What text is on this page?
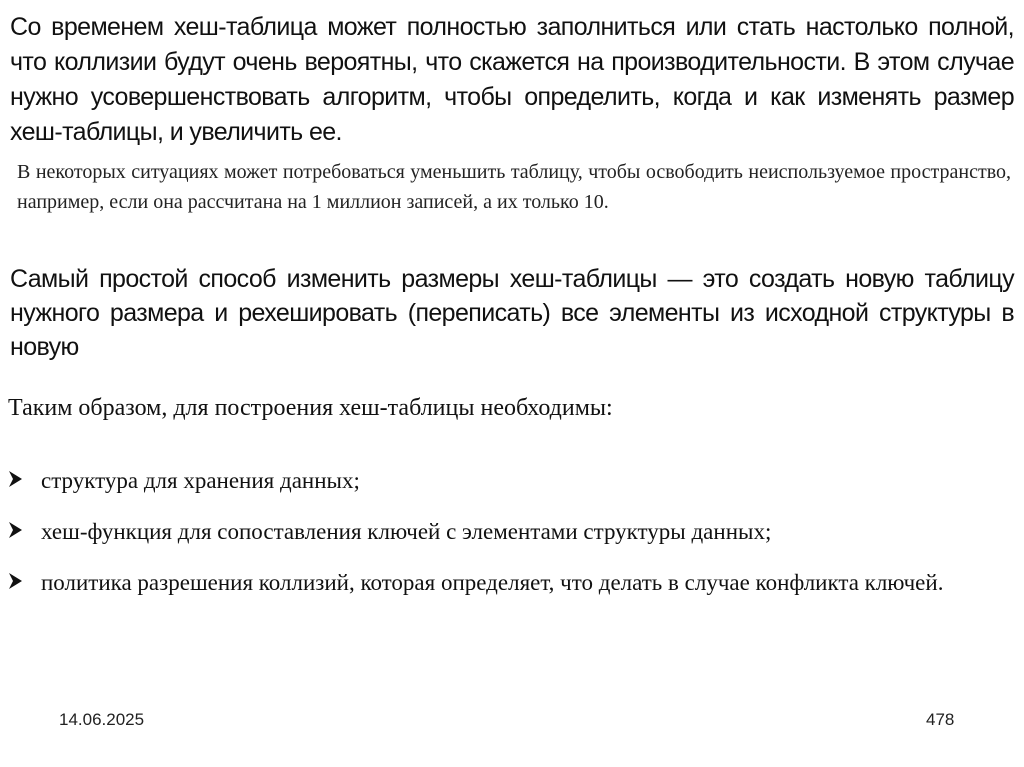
Со временем хеш-таблица может полностью заполниться или стать настолько полной, что коллизии будут очень вероятны, что скажется на производительности. В этом случае нужно усовершенствовать алгоритм, чтобы определить, когда и как изменять размер хеш-таблицы, и увеличить ее.

В некоторых ситуациях может потребоваться уменьшить таблицу, чтобы освободить неиспользуемое пространство, например, если она рассчитана на 1 миллион записей, а их только 10.

Самый простой способ изменить размеры хеш-таблицы — это создать новую таблицу нужного размера и рехешировать (переписать) все элементы из исходной структуры в новую

Таким образом, для построения хеш-таблицы необходимы:

структура для хранения данных;
хеш-функция для сопоставления ключей с элементами структуры данных;
политика разрешения коллизий, которая определяет, что делать в случае конфликта ключей.
14.06.2025	478
